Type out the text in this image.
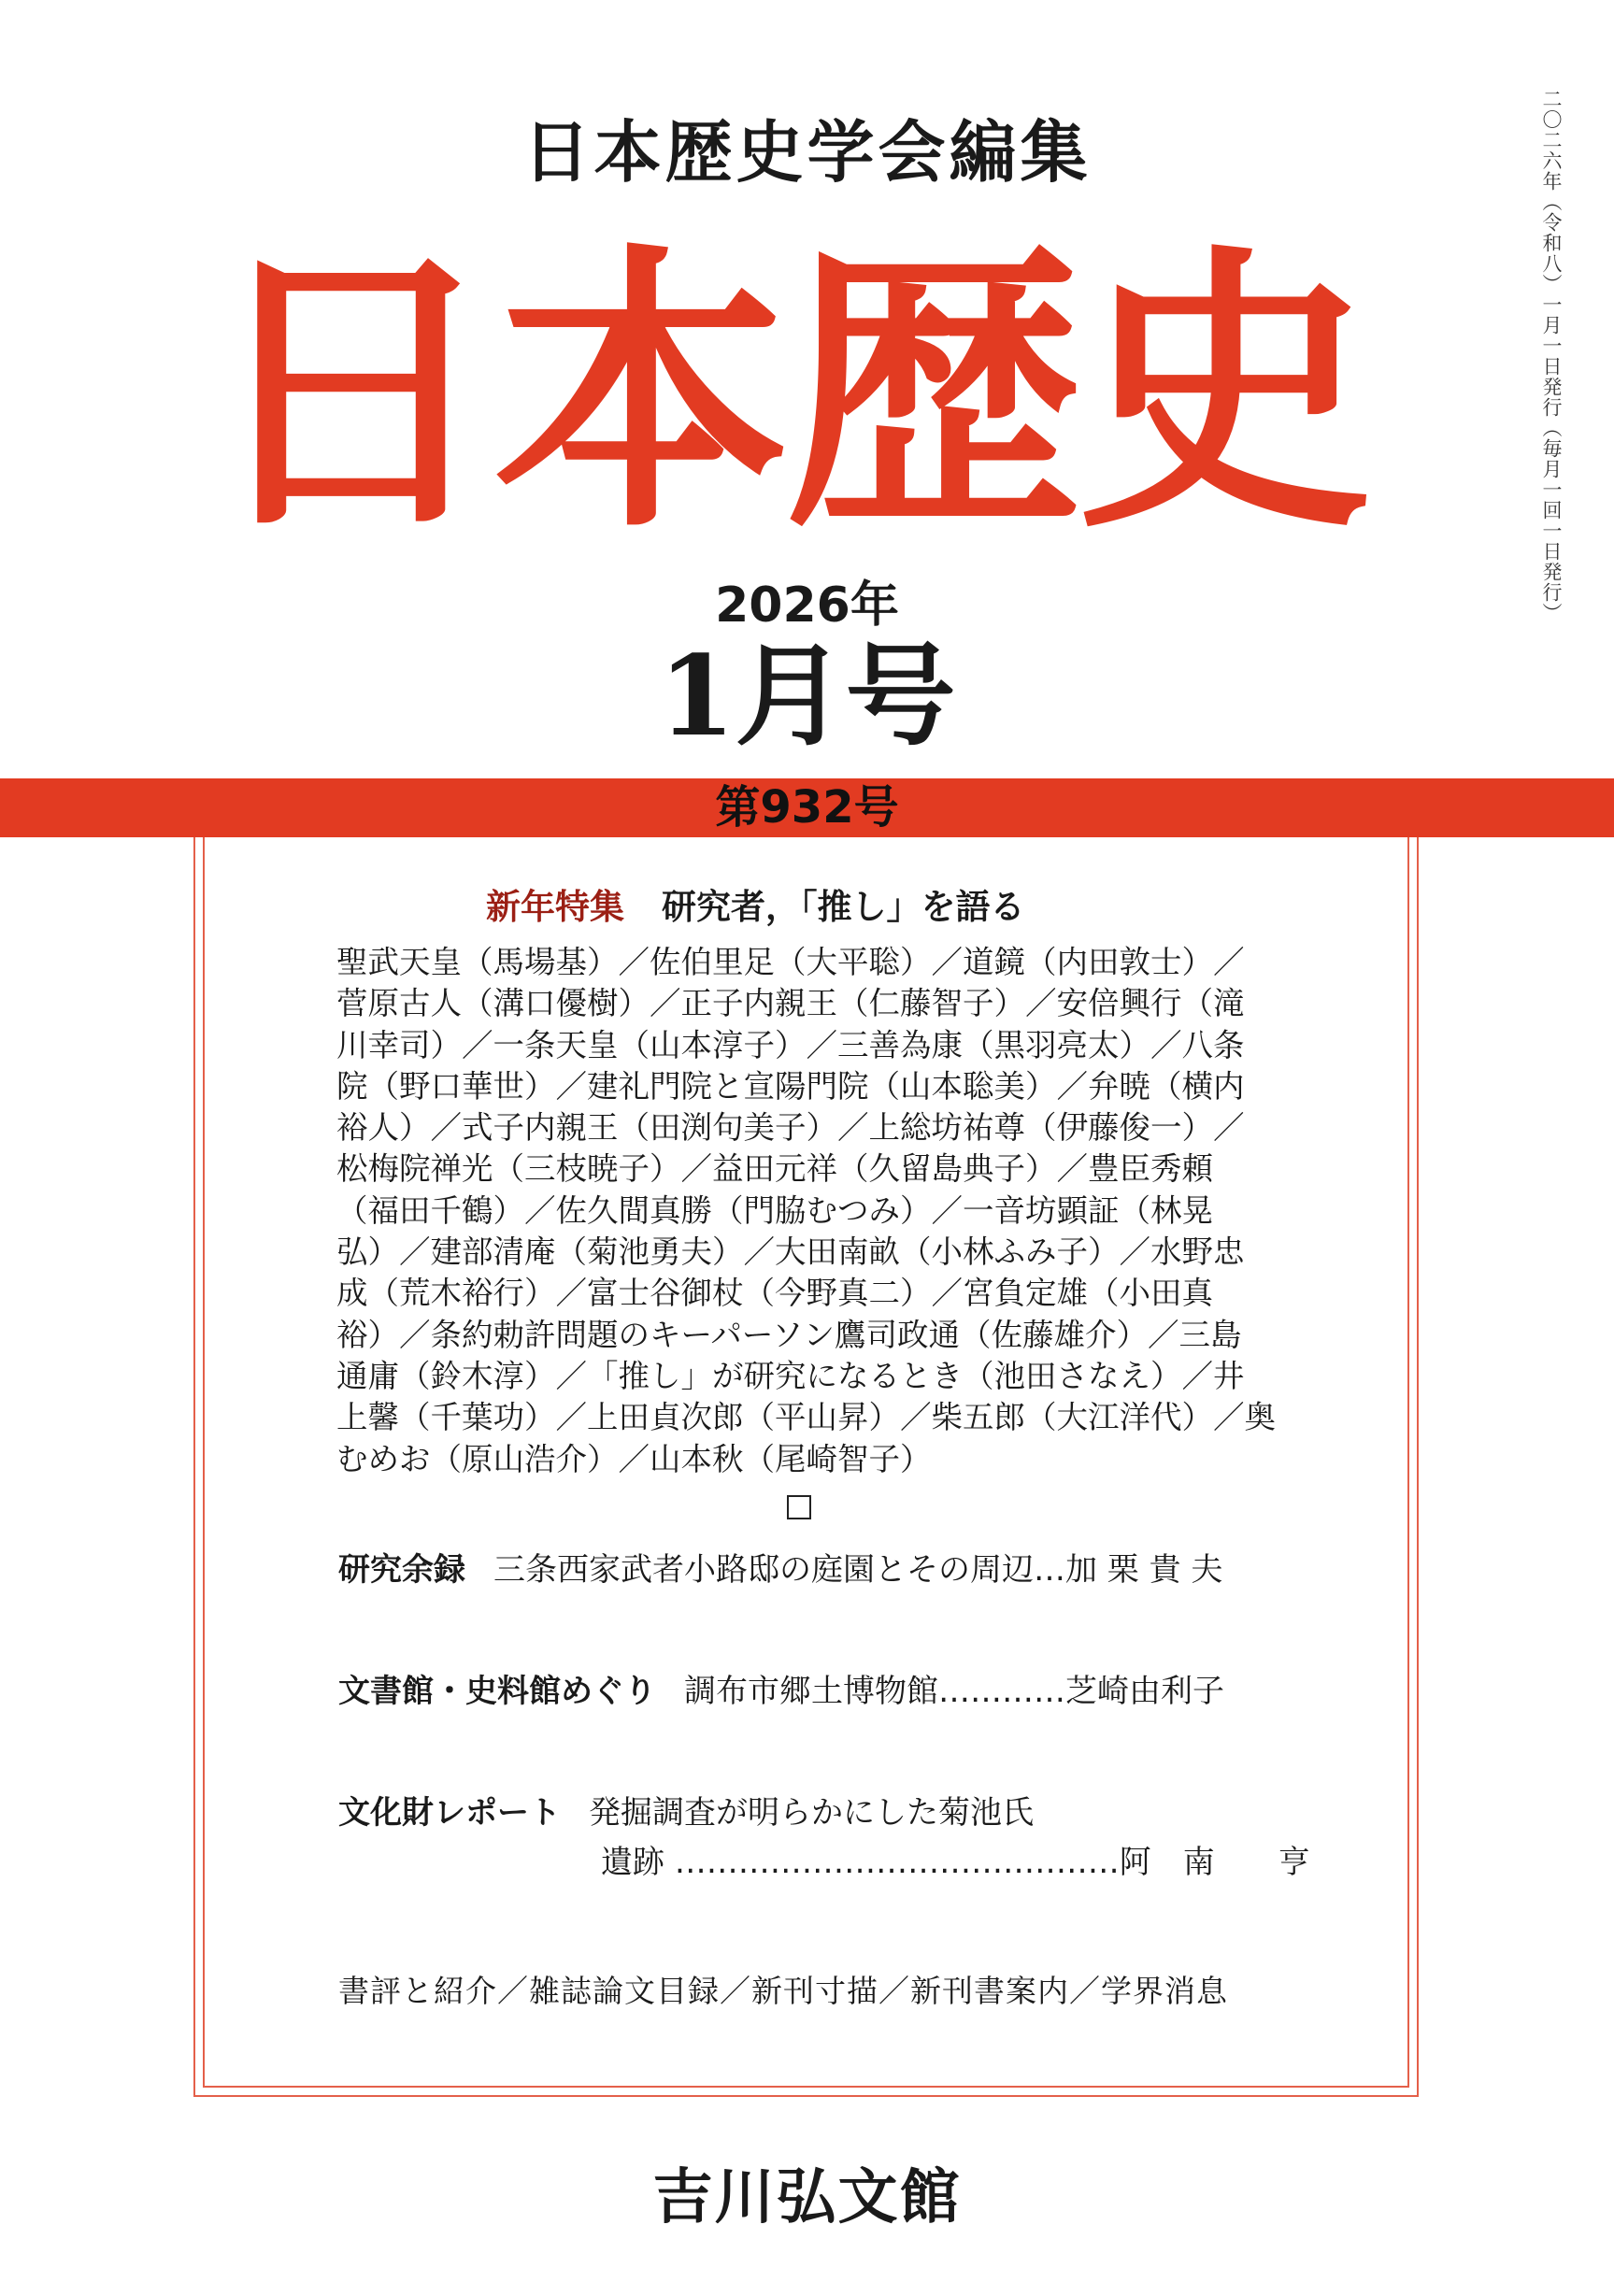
二〇二六年（令和八）一月一日発行（毎月一回一日発行）
日本歴史学会編集
日本歴史
2026年
1月号
第932号
新年特集 研究者，「推し」を語る
聖武天皇（馬場基）／佐伯里足（大平聡）／道鏡（内田敦士）／
菅原古人（溝口優樹）／正子内親王（仁藤智子）／安倍興行（滝
川幸司）／一条天皇（山本淳子）／三善為康（黒羽亮太）／八条
院（野口華世）／建礼門院と宣陽門院（山本聡美）／弁暁（横内
裕人）／式子内親王（田渕句美子）／上総坊祐尊（伊藤俊一）／
松梅院禅光（三枝暁子）／益田元祥（久留島典子）／豊臣秀頼
（福田千鶴）／佐久間真勝（門脇むつみ）／一音坊顕証（林晃
弘）／建部清庵（菊池勇夫）／大田南畝（小林ふみ子）／水野忠
成（荒木裕行）／富士谷御杖（今野真二）／宮負定雄（小田真
裕）／条約勅許問題のキーパーソン鷹司政通（佐藤雄介）／三島
通庸（鈴木淳）／「推し」が研究になるとき（池田さなえ）／井
上馨（千葉功）／上田貞次郎（平山昇）／柴五郎（大江洋代）／奥
むめお（原山浩介）／山本秋（尾崎智子）
研究余録 三条西家武者小路邸の庭園とその周辺…加 栗 貴 夫
文書館・史料館めぐり 調布市郷土博物館…………芝崎由利子
文化財レポート 発掘調査が明らかにした菊池氏
遺跡 ……………………………………阿　南　　亨
書評と紹介／雑誌論文目録／新刊寸描／新刊書案内／学界消息
吉川弘文館
